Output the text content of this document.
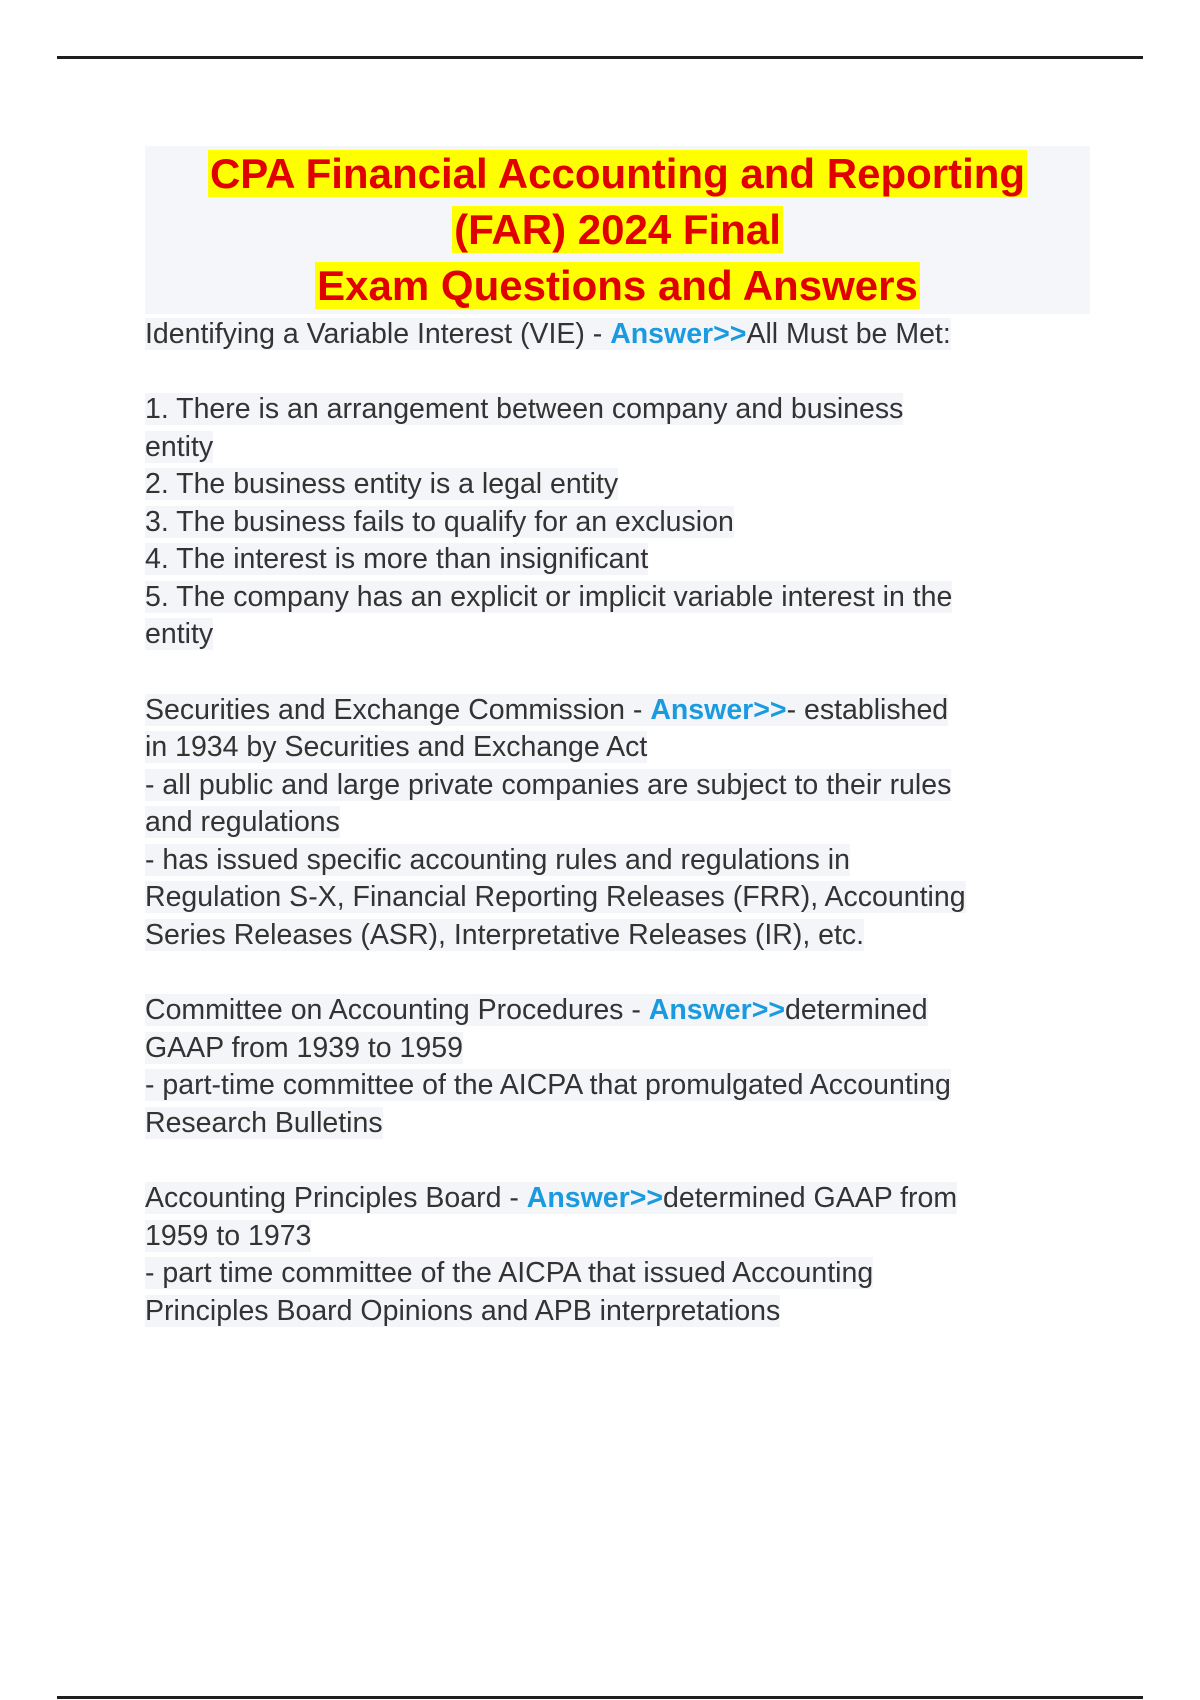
CPA Financial Accounting and Reporting
(FAR) 2024 Final
Exam Questions and Answers
Identifying a Variable Interest (VIE) - Answer>>All Must be Met:
1. There is an arrangement between company and business
entity
2. The business entity is a legal entity
3. The business fails to qualify for an exclusion
4. The interest is more than insignificant
5. The company has an explicit or implicit variable interest in the
entity
Securities and Exchange Commission - Answer>>- established
in 1934 by Securities and Exchange Act
- all public and large private companies are subject to their rules
and regulations
- has issued specific accounting rules and regulations in
Regulation S-X, Financial Reporting Releases (FRR), Accounting
Series Releases (ASR), Interpretative Releases (IR), etc.
Committee on Accounting Procedures - Answer>>determined
GAAP from 1939 to 1959
- part-time committee of the AICPA that promulgated Accounting
Research Bulletins
Accounting Principles Board - Answer>>determined GAAP from
1959 to 1973
- part time committee of the AICPA that issued Accounting
Principles Board Opinions and APB interpretations
